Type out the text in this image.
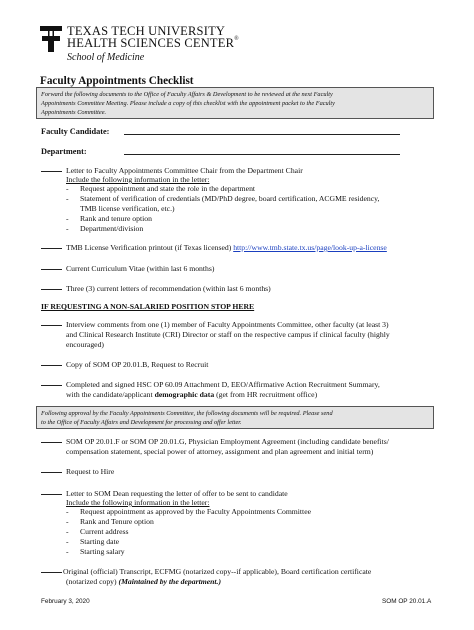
TEXAS TECH UNIVERSITY
HEALTH SCIENCES CENTER®
School of Medicine
Faculty Appointments Checklist

Forward the following documents to the Office of Faculty Affairs & Development to be reviewed at the next Faculty

Appointments Committee Meeting. Please include a copy of this checklist with the appointment packet to the Faculty

Appointments Committee.

Faculty Candidate:
Department:
Letter to Faculty Appointments Committee Chair from the Department Chair
Include the following information in the letter:
- Request appointment and state the role in the department
- Statement of verification of credentials (MD/PhD degree, board certification, ACGME residency,
TMB license verification, etc.)
- Rank and tenure option
- Department/division
TMB License Verification printout (if Texas licensed) http://www.tmb.state.tx.us/page/look-up-a-license
Current Curriculum Vitae (within last 6 months)
Three (3) current letters of recommendation (within last 6 months)
IF REQUESTING A NON-SALARIED POSITION STOP HERE
Interview comments from one (1) member of Faculty Appointments Committee, other faculty (at least 3)
and Clinical Research Institute (CRI) Director or staff on the respective campus if clinical faculty (highly
encouraged)
Copy of SOM OP 20.01.B, Request to Recruit
Completed and signed HSC OP 60.09 Attachment D, EEO/Affirmative Action Recruitment Summary,
with the candidate/applicant demographic data (get from HR recruitment office)

Following approval by the Faculty Appointments Committee, the following documents will be required. Please send

to the Office of Faculty Affairs and Development for processing and offer letter.

SOM OP 20.01.F or SOM OP 20.01.G, Physician Employment Agreement (including candidate benefits/
compensation statement, special power of attorney, assignment and plan agreement and initial term)
Request to Hire
Letter to SOM Dean requesting the letter of offer to be sent to candidate
Include the following information in the letter:
- Request appointment as approved by the Faculty Appointments Committee
- Rank and Tenure option
- Current address
- Starting date
- Starting salary
Original (official) Transcript, ECFMG (notarized copy--if applicable), Board certification certificate
(notarized copy) (Maintained by the department.)
February 3, 2020	SOM OP 20.01.A
